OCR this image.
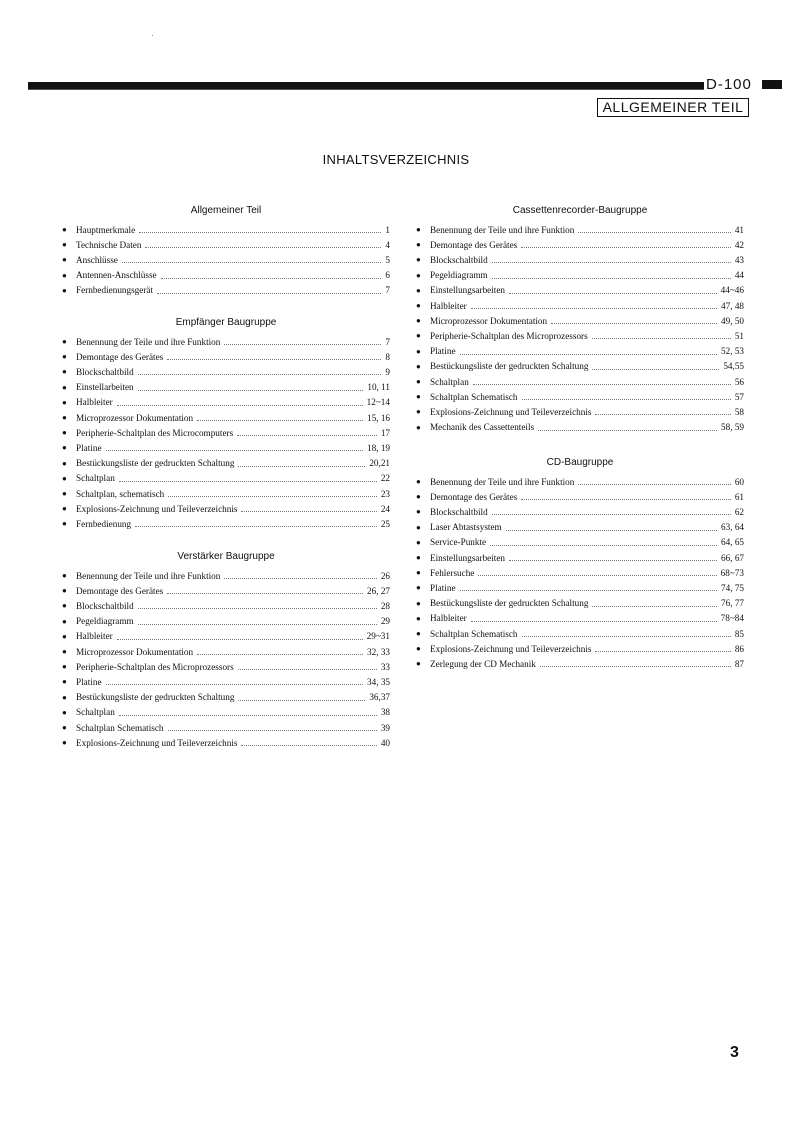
D-100
ALLGEMEINER TEIL
INHALTSVERZEICHNIS
Allgemeiner Teil
● Hauptmerkmale	1
● Technische Daten	4
● Anschlüsse	5
● Antennen-Anschlüsse	6
● Fernbedienungsgerät	7
Empfänger Baugruppe
● Benennung der Teile und ihre Funktion	7
● Demontage des Gerätes	8
● Blockschaltbild	9
● Einstellarbeiten	10, 11
● Halbleiter	12~14
● Microprozessor Dokumentation	15, 16
● Peripherie-Schaltplan des Microcomputers	17
● Platine	18, 19
● Bestückungsliste der gedruckten Schaltung	20,21
● Schaltplan	22
● Schaltplan, schematisch	23
● Explosions-Zeichnung und Teileverzeichnis	24
● Fernbedienung	25
Verstärker Baugruppe
● Benennung der Teile und ihre Funktion	26
● Demontage des Gerätes	26, 27
● Blockschaltbild	28
● Pegeldiagramm	29
● Halbleiter	29~31
● Microprozessor Dokumentation	32, 33
● Peripherie-Schaltplan des Microprozessors	33
● Platine	34, 35
● Bestückungsliste der gedruckten Schaltung	36,37
● Schaltplan	38
● Schaltplan Schematisch	39
● Explosions-Zeichnung und Teileverzeichnis	40
Cassettenrecorder-Baugruppe
● Benennung der Teile und ihre Funktion	41
● Demontage des Gerätes	42
● Blockschaltbild	43
● Pegeldiagramm	44
● Einstellungsarbeiten	44~46
● Halbleiter	47, 48
● Microprozessor Dokumentation	49, 50
● Peripherie-Schaltplan des Microprozessors	51
● Platine	52, 53
● Bestückungsliste der gedruckten Schaltung	54,55
● Schaltplan	56
● Schaltplan Schematisch	57
● Explosions-Zeichnung und Teileverzeichnis	58
● Mechanik des Cassettenteils	58, 59
CD-Baugruppe
● Benennung der Teile und ihre Funktion	60
● Demontage des Gerätes	61
● Blockschaltbild	62
● Laser Abtastsystem	63, 64
● Service-Punkte	64, 65
● Einstellungsarbeiten	66, 67
● Fehlersuche	68~73
● Platine	74, 75
● Bestückungsliste der gedruckten Schaltung	76, 77
● Halbleiter	78~84
● Schaltplan Schematisch	85
● Explosions-Zeichnung und Teileverzeichnis	86
● Zerlegung der CD Mechanik	87
3
